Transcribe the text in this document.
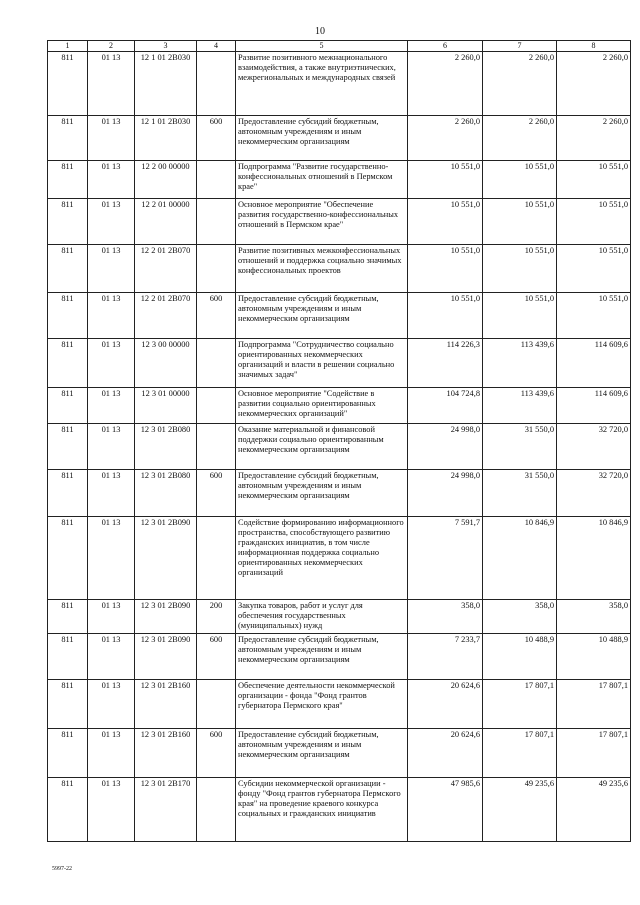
10
1	2	3	4	5	6	7	8
811	01 13	12 1 01 2В030		Развитие позитивного межнационального взаимодействия, а также внутриэтнических, межрегиональных и международных связей	2 260,0	2 260,0	2 260,0
811	01 13	12 1 01 2В030	600	Предоставление субсидий бюджетным, автономным учреждениям и иным некоммерческим организациям	2 260,0	2 260,0	2 260,0
811	01 13	12 2 00 00000		Подпрограмма "Развитие государственно-конфессиональных отношений в Пермском крае"	10 551,0	10 551,0	10 551,0
811	01 13	12 2 01 00000		Основное мероприятие "Обеспечение развития государственно-конфессиональных отношений в Пермском крае"	10 551,0	10 551,0	10 551,0
811	01 13	12 2 01 2В070		Развитие позитивных межконфессиональных отношений и поддержка социально значимых конфессиональных проектов	10 551,0	10 551,0	10 551,0
811	01 13	12 2 01 2В070	600	Предоставление субсидий бюджетным, автономным учреждениям и иным некоммерческим организациям	10 551,0	10 551,0	10 551,0
811	01 13	12 3 00 00000		Подпрограмма "Сотрудничество социально ориентированных некоммерческих организаций и власти в решении социально значимых задач"	114 226,3	113 439,6	114 609,6
811	01 13	12 3 01 00000		Основное мероприятие "Содействие в развитии социально ориентированных некоммерческих организаций"	104 724,8	113 439,6	114 609,6
811	01 13	12 3 01 2В080		Оказание материальной и финансовой поддержки социально ориентированным некоммерческим организациям	24 998,0	31 550,0	32 720,0
811	01 13	12 3 01 2В080	600	Предоставление субсидий бюджетным, автономным учреждениям и иным некоммерческим организациям	24 998,0	31 550,0	32 720,0
811	01 13	12 3 01 2В090		Содействие формированию информационного пространства, способствующего развитию гражданских инициатив, в том числе информационная поддержка социально ориентированных некоммерческих организаций	7 591,7	10 846,9	10 846,9
811	01 13	12 3 01 2В090	200	Закупка товаров, работ и услуг для обеспечения государственных (муниципальных) нужд	358,0	358,0	358,0
811	01 13	12 3 01 2В090	600	Предоставление субсидий бюджетным, автономным учреждениям и иным некоммерческим организациям	7 233,7	10 488,9	10 488,9
811	01 13	12 3 01 2В160		Обеспечение деятельности некоммерческой организации - фонда "Фонд грантов губернатора Пермского края"	20 624,6	17 807,1	17 807,1
811	01 13	12 3 01 2В160	600	Предоставление субсидий бюджетным, автономным учреждениям и иным некоммерческим организациям	20 624,6	17 807,1	17 807,1
811	01 13	12 3 01 2В170		Субсидии некоммерческой организации - фонду "Фонд грантов губернатора Пермского края" на проведение краевого конкурса социальных и гражданских инициатив	47 985,6	49 235,6	49 235,6
5997-22
